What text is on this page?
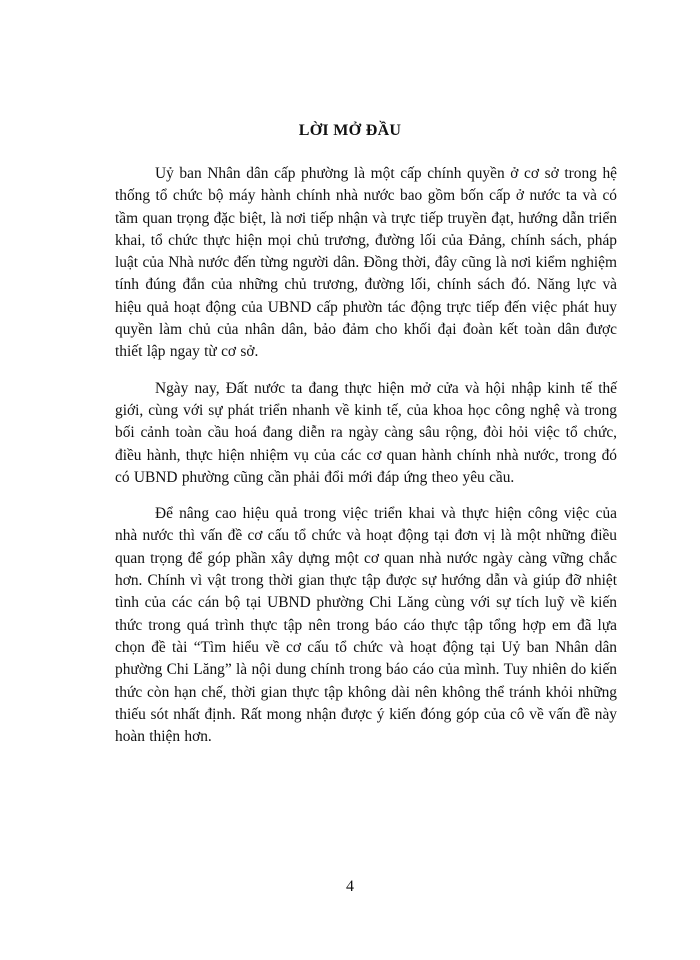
LỜI MỞ ĐẦU

Uỷ ban Nhân dân cấp phường là một cấp chính quyền ở cơ sở trong hệ thống tổ chức bộ máy hành chính nhà nước bao gồm bốn cấp ở nước ta và có tầm quan trọng đặc biệt, là nơi tiếp nhận và trực tiếp truyền đạt, hướng dẫn triển khai, tổ chức thực hiện mọi chủ trương, đường lối của Đảng, chính sách, pháp luật của Nhà nước đến từng người dân. Đồng thời, đây cũng là nơi kiểm nghiệm tính đúng đắn của những chủ trương, đường lối, chính sách đó. Năng lực và hiệu quả hoạt động của UBND cấp phườn tác động trực tiếp đến việc phát huy quyền làm chủ của nhân dân, bảo đảm cho khối đại đoàn kết toàn dân được thiết lập ngay từ cơ sở.

Ngày nay, Đất nước ta đang thực hiện mở cửa và hội nhập kinh tế thế giới, cùng với sự phát triển nhanh về kinh tế, của khoa học công nghệ và trong bối cảnh toàn cầu hoá đang diễn ra ngày càng sâu rộng, đòi hỏi việc tổ chức, điều hành, thực hiện nhiệm vụ của các cơ quan hành chính nhà nước, trong đó có UBND phường cũng cần phải đổi mới đáp ứng theo yêu cầu.

Để nâng cao hiệu quả trong việc triển khai và thực hiện công việc của nhà nước thì vấn đề cơ cấu tổ chức và hoạt động tại đơn vị là một những điều quan trọng để góp phần xây dựng một cơ quan nhà nước ngày càng vững chắc hơn. Chính vì vật trong thời gian thực tập được sự hướng dẫn và giúp đỡ nhiệt tình của các cán bộ tại UBND phường Chi Lăng cùng với sự tích luỹ về kiến thức trong quá trình thực tập nên trong báo cáo thực tập tổng hợp em đã lựa chọn đề tài “Tìm hiểu về cơ cấu tổ chức và hoạt động tại Uỷ ban Nhân dân phường Chi Lăng” là nội dung chính trong báo cáo của mình. Tuy nhiên do kiến thức còn hạn chế, thời gian thực tập không dài nên không thể tránh khỏi những thiếu sót nhất định. Rất mong nhận được ý kiến đóng góp của cô về vấn đề này hoàn thiện hơn.

4
